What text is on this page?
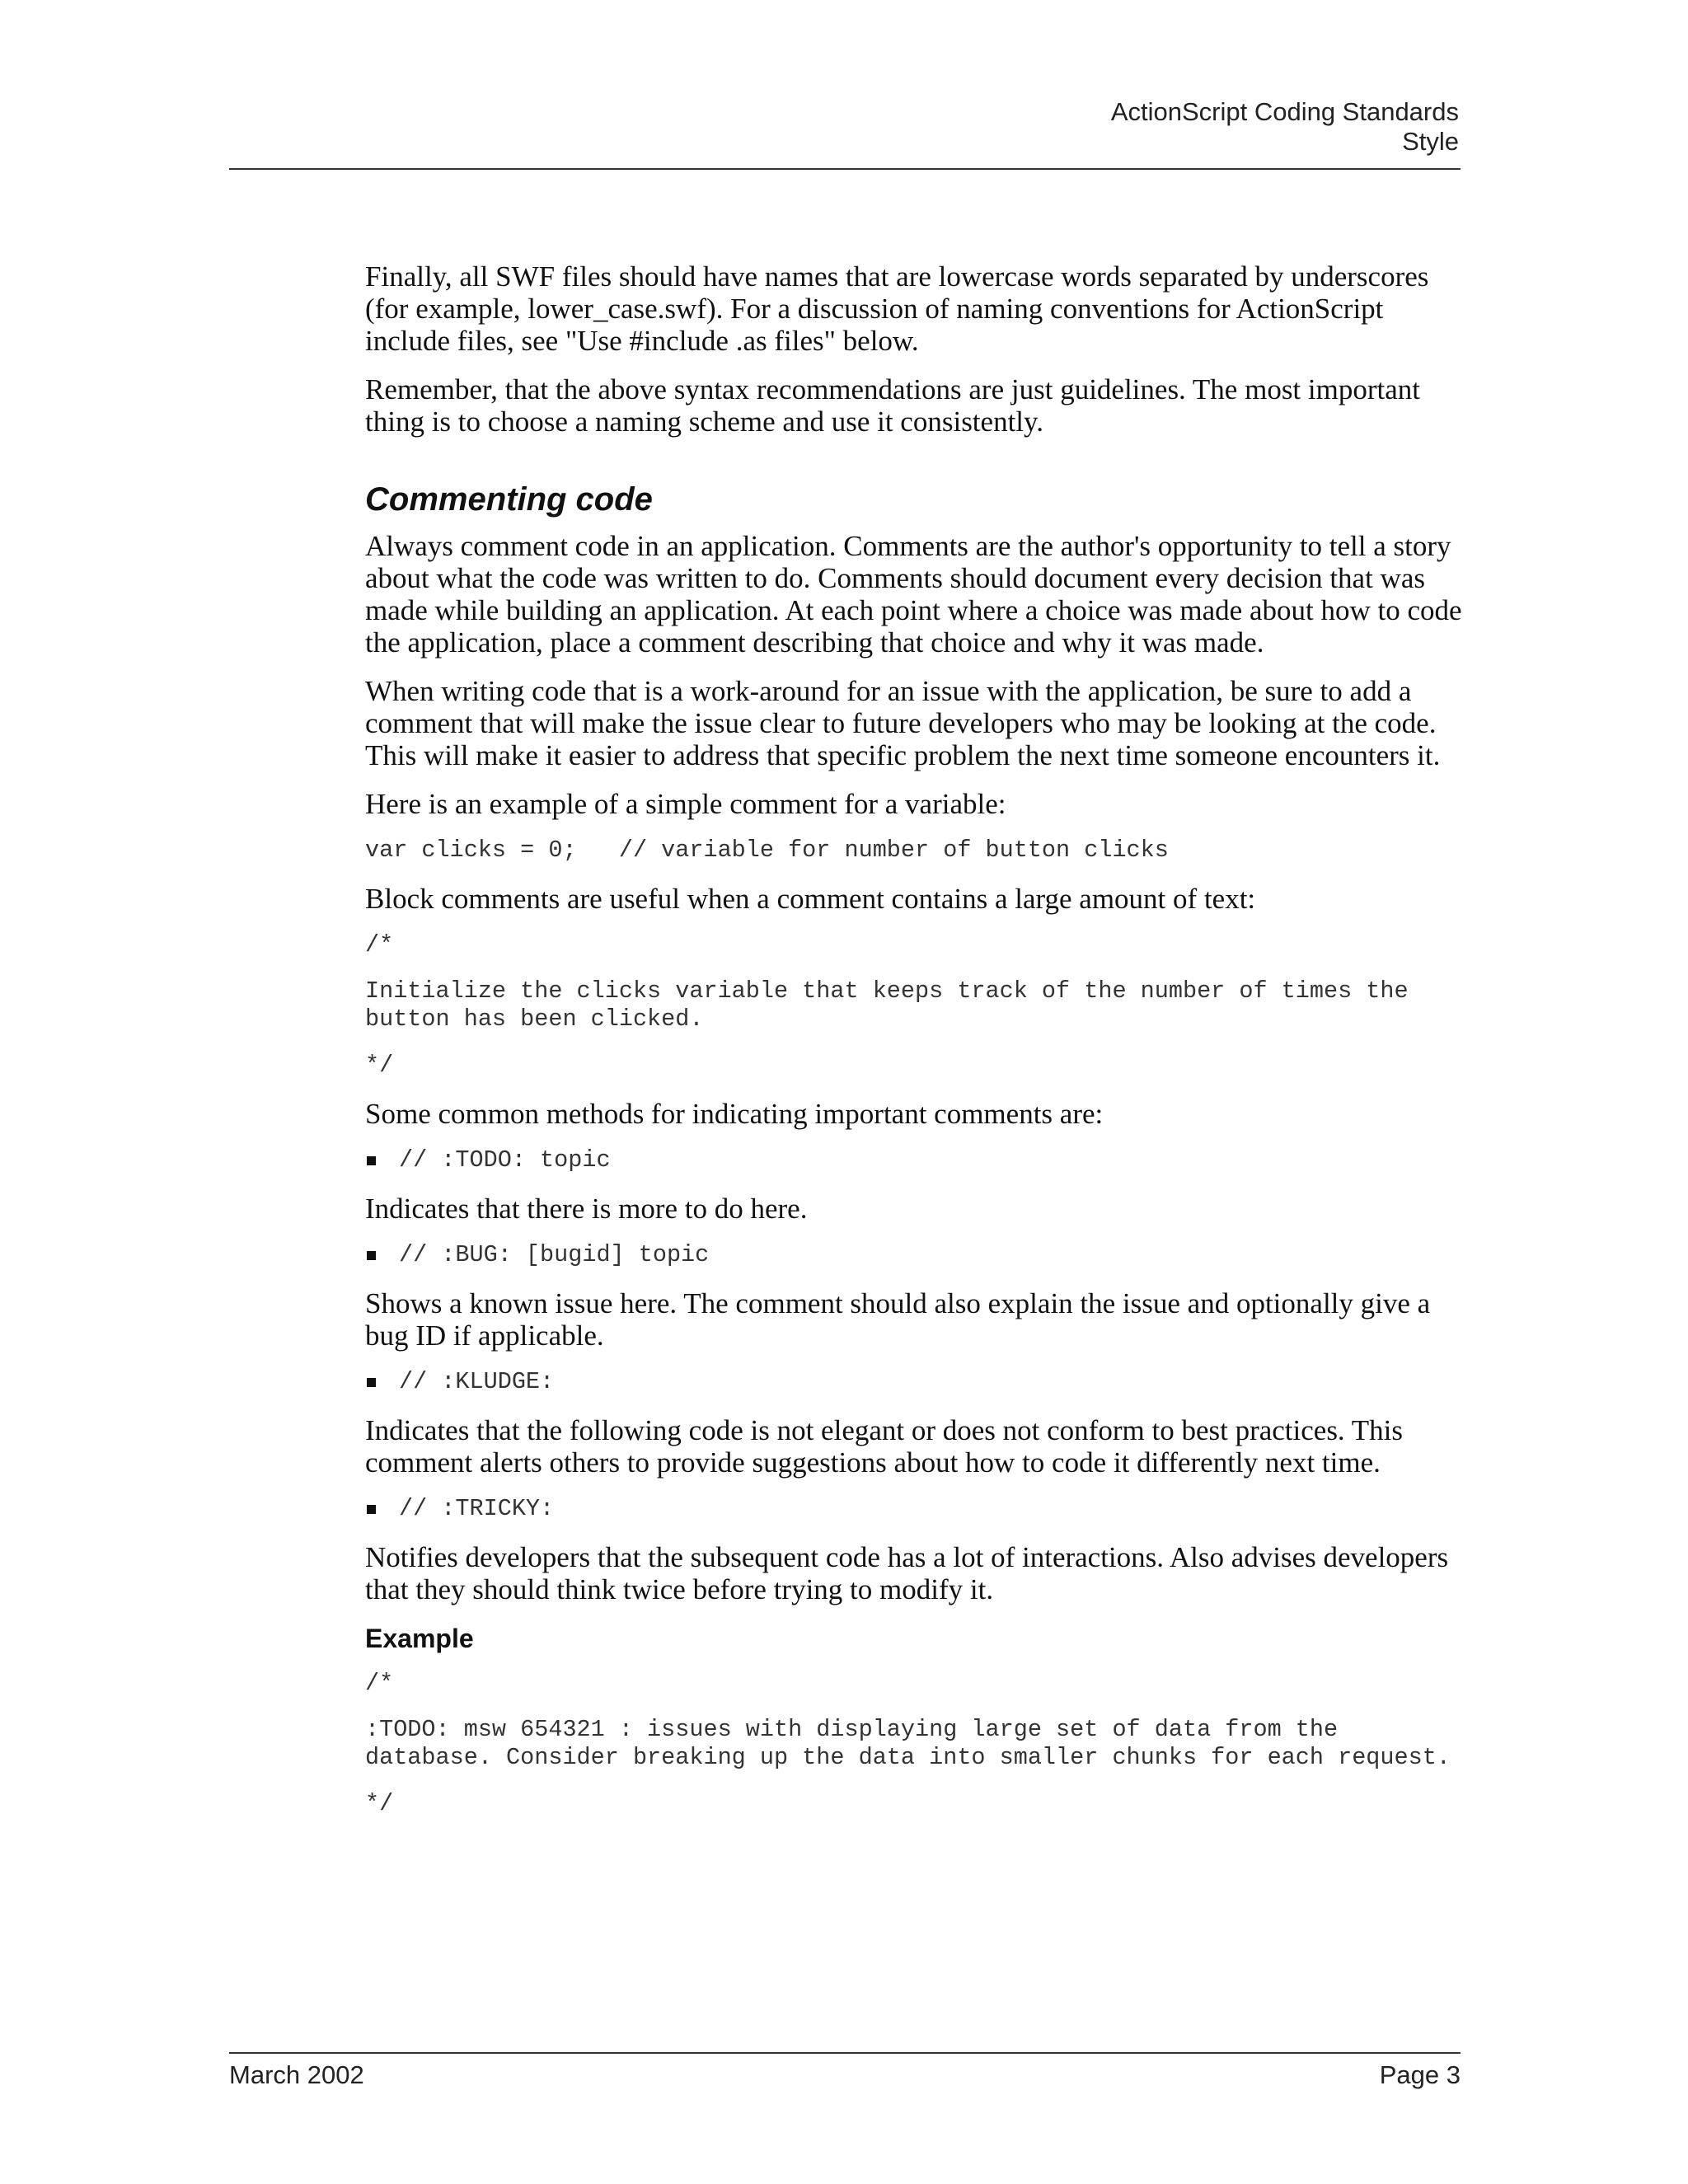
ActionScript Coding Standards
Style

Finally, all SWF files should have names that are lowercase words separated by underscores (for example, lower_case.swf). For a discussion of naming conventions for ActionScript include files, see "Use #include .as files" below.

Remember, that the above syntax recommendations are just guidelines. The most important thing is to choose a naming scheme and use it consistently.

Commenting code

Always comment code in an application. Comments are the author's opportunity to tell a story about what the code was written to do. Comments should document every decision that was made while building an application. At each point where a choice was made about how to code the application, place a comment describing that choice and why it was made.

When writing code that is a work-around for an issue with the application, be sure to add a comment that will make the issue clear to future developers who may be looking at the code. This will make it easier to address that specific problem the next time someone encounters it.

Here is an example of a simple comment for a variable:

var clicks = 0;   // variable for number of button clicks

Block comments are useful when a comment contains a large amount of text:

/*
Initialize the clicks variable that keeps track of the number of times the button has been clicked.
*/

Some common methods for indicating important comments are:

// :TODO: topic

Indicates that there is more to do here.

// :BUG: [bugid] topic

Shows a known issue here. The comment should also explain the issue and optionally give a bug ID if applicable.

// :KLUDGE:

Indicates that the following code is not elegant or does not conform to best practices. This comment alerts others to provide suggestions about how to code it differently next time.

// :TRICKY:

Notifies developers that the subsequent code has a lot of interactions. Also advises developers that they should think twice before trying to modify it.

Example
/*
:TODO: msw 654321 : issues with displaying large set of data from the database. Consider breaking up the data into smaller chunks for each request.
*/
March 2002	Page 3
